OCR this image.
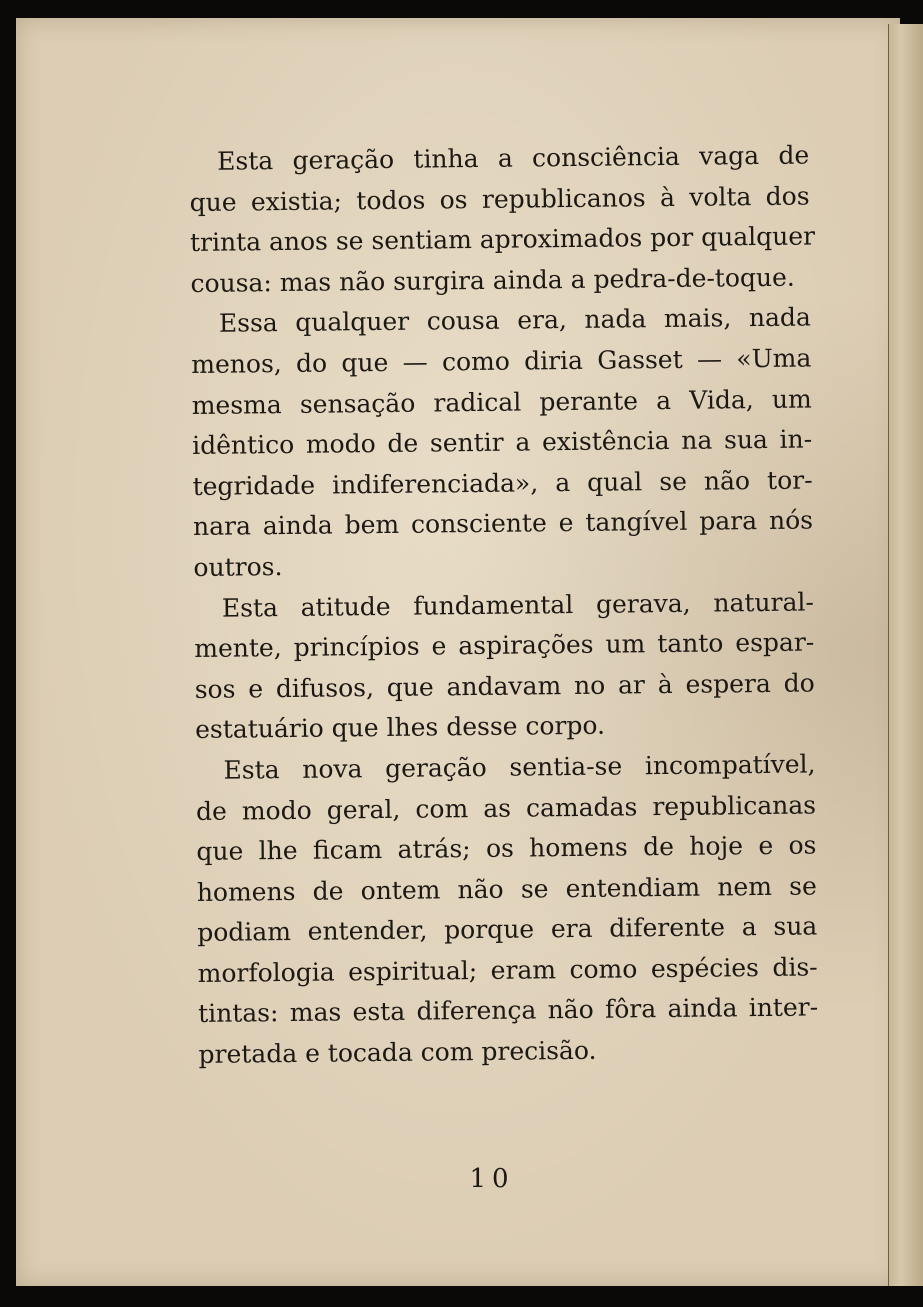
Esta geração tinha a consciência vaga de
que existia; todos os republicanos à volta dos
trinta anos se sentiam aproximados por qualquer
cousa: mas não surgira ainda a pedra-de-toque.
Essa qualquer cousa era, nada mais, nada
menos, do que — como diria Gasset — «Uma
mesma sensação radical perante a Vida, um
idêntico modo de sentir a existência na sua in-
tegridade indiferenciada», a qual se não tor-
nara ainda bem consciente e tangível para nós
outros.
Esta atitude fundamental gerava, natural-
mente, princípios e aspirações um tanto espar-
sos e difusos, que andavam no ar à espera do
estatuário que lhes desse corpo.
Esta nova geração sentia-se incompatível,
de modo geral, com as camadas republicanas
que lhe ficam atrás; os homens de hoje e os
homens de ontem não se entendiam nem se
podiam entender, porque era diferente a sua
morfologia espiritual; eram como espécies dis-
tintas: mas esta diferença não fôra ainda inter-
pretada e tocada com precisão.
10
